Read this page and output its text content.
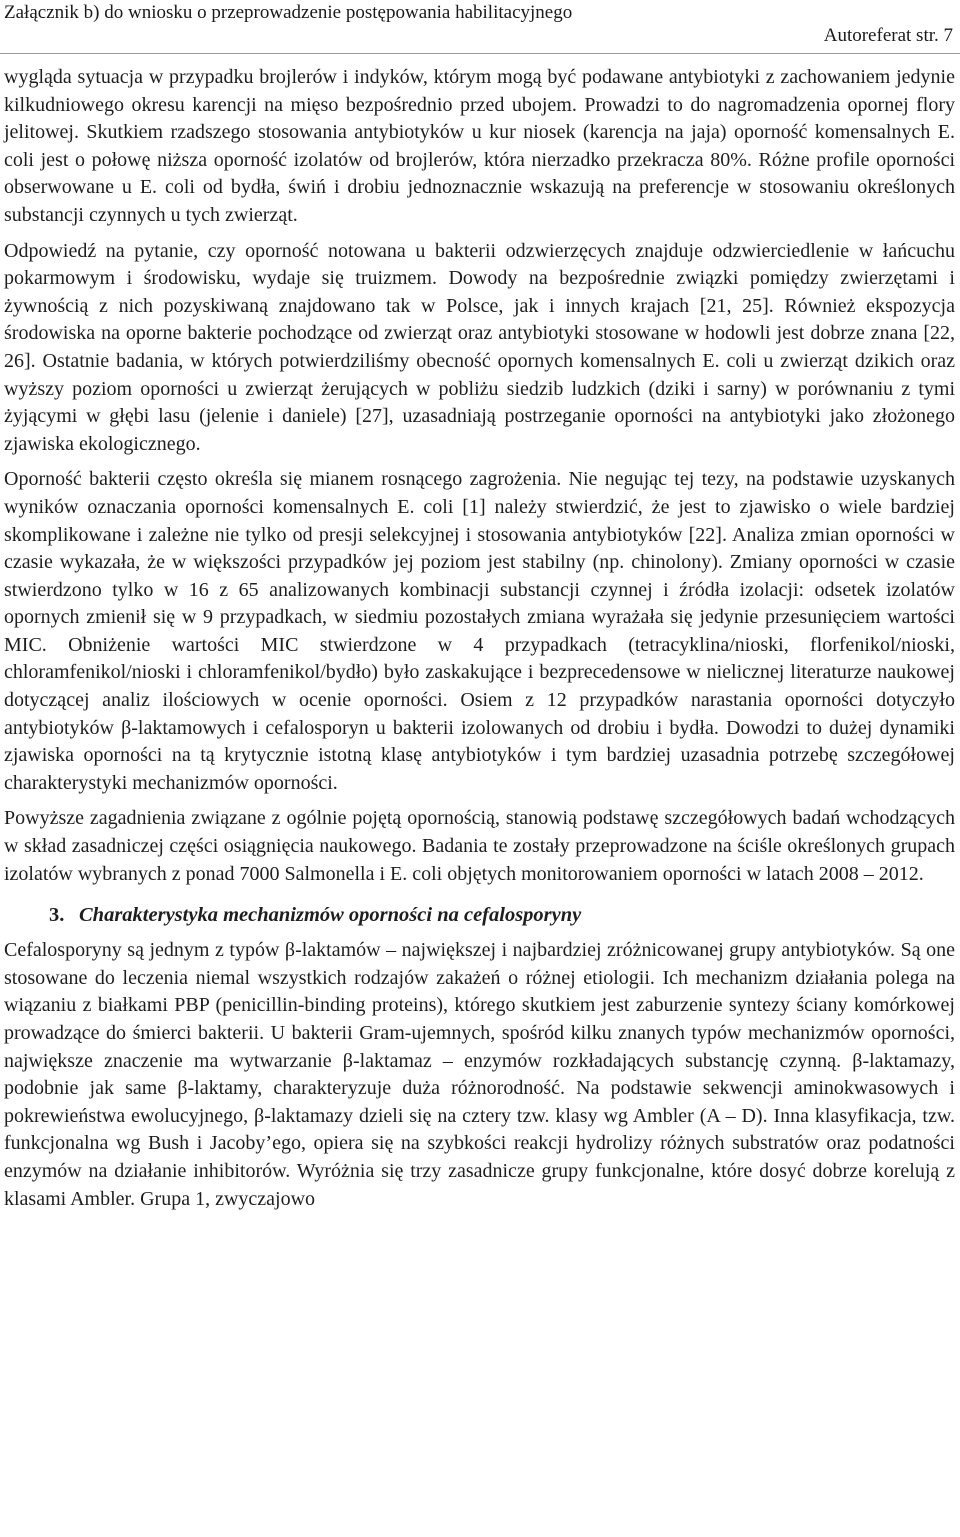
Załącznik b) do wniosku o przeprowadzenie postępowania habilitacyjnego
Autoreferat str. 7

wygląda sytuacja w przypadku brojlerów i indyków, którym mogą być podawane antybiotyki z zachowaniem jedynie kilkudniowego okresu karencji na mięso bezpośrednio przed ubojem. Prowadzi to do nagromadzenia opornej flory jelitowej. Skutkiem rzadszego stosowania antybiotyków u kur niosek (karencja na jaja) oporność komensalnych E. coli jest o połowę niższa oporność izolatów od brojlerów, która nierzadko przekracza 80%. Różne profile oporności obserwowane u E. coli od bydła, świń i drobiu jednoznacznie wskazują na preferencje w stosowaniu określonych substancji czynnych u tych zwierząt.

Odpowiedź na pytanie, czy oporność notowana u bakterii odzwierzęcych znajduje odzwierciedlenie w łańcuchu pokarmowym i środowisku, wydaje się truizmem. Dowody na bezpośrednie związki pomiędzy zwierzętami i żywnością z nich pozyskiwaną znajdowano tak w Polsce, jak i innych krajach [21, 25]. Również ekspozycja środowiska na oporne bakterie pochodzące od zwierząt oraz antybiotyki stosowane w hodowli jest dobrze znana [22, 26]. Ostatnie badania, w których potwierdziliśmy obecność opornych komensalnych E. coli u zwierząt dzikich oraz wyższy poziom oporności u zwierząt żerujących w pobliżu siedzib ludzkich (dziki i sarny) w porównaniu z tymi żyjącymi w głębi lasu (jelenie i daniele) [27], uzasadniają postrzeganie oporności na antybiotyki jako złożonego zjawiska ekologicznego.

Oporność bakterii często określa się mianem rosnącego zagrożenia. Nie negując tej tezy, na podstawie uzyskanych wyników oznaczania oporności komensalnych E. coli [1] należy stwierdzić, że jest to zjawisko o wiele bardziej skomplikowane i zależne nie tylko od presji selekcyjnej i stosowania antybiotyków [22]. Analiza zmian oporności w czasie wykazała, że w większości przypadków jej poziom jest stabilny (np. chinolony). Zmiany oporności w czasie stwierdzono tylko w 16 z 65 analizowanych kombinacji substancji czynnej i źródła izolacji: odsetek izolatów opornych zmienił się w 9 przypadkach, w siedmiu pozostałych zmiana wyrażała się jedynie przesunięciem wartości MIC. Obniżenie wartości MIC stwierdzone w 4 przypadkach (tetracyklina/nioski, florfenikol/nioski, chloramfenikol/nioski i chloramfenikol/bydło) było zaskakujące i bezprecedensowe w nielicznej literaturze naukowej dotyczącej analiz ilościowych w ocenie oporności. Osiem z 12 przypadków narastania oporności dotyczyło antybiotyków β-laktamowych i cefalosporyn u bakterii izolowanych od drobiu i bydła. Dowodzi to dużej dynamiki zjawiska oporności na tą krytycznie istotną klasę antybiotyków i tym bardziej uzasadnia potrzebę szczegółowej charakterystyki mechanizmów oporności.

Powyższe zagadnienia związane z ogólnie pojętą opornością, stanowią podstawę szczegółowych badań wchodzących w skład zasadniczej części osiągnięcia naukowego. Badania te zostały przeprowadzone na ściśle określonych grupach izolatów wybranych z ponad 7000 Salmonella i E. coli objętych monitorowaniem oporności w latach 2008 – 2012.

3. Charakterystyka mechanizmów oporności na cefalosporyny

Cefalosporyny są jednym z typów β-laktamów – największej i najbardziej zróżnicowanej grupy antybiotyków. Są one stosowane do leczenia niemal wszystkich rodzajów zakażeń o różnej etiologii. Ich mechanizm działania polega na wiązaniu z białkami PBP (penicillin-binding proteins), którego skutkiem jest zaburzenie syntezy ściany komórkowej prowadzące do śmierci bakterii. U bakterii Gram-ujemnych, spośród kilku znanych typów mechanizmów oporności, największe znaczenie ma wytwarzanie β-laktamaz – enzymów rozkładających substancję czynną. β-laktamazy, podobnie jak same β-laktamy, charakteryzuje duża różnorodność. Na podstawie sekwencji aminokwasowych i pokrewieństwa ewolucyjnego, β-laktamazy dzieli się na cztery tzw. klasy wg Ambler (A – D). Inna klasyfikacja, tzw. funkcjonalna wg Bush i Jacoby’ego, opiera się na szybkości reakcji hydrolizy różnych substratów oraz podatności enzymów na działanie inhibitorów. Wyróżnia się trzy zasadnicze grupy funkcjonalne, które dosyć dobrze korelują z klasami Ambler. Grupa 1, zwyczajowo
